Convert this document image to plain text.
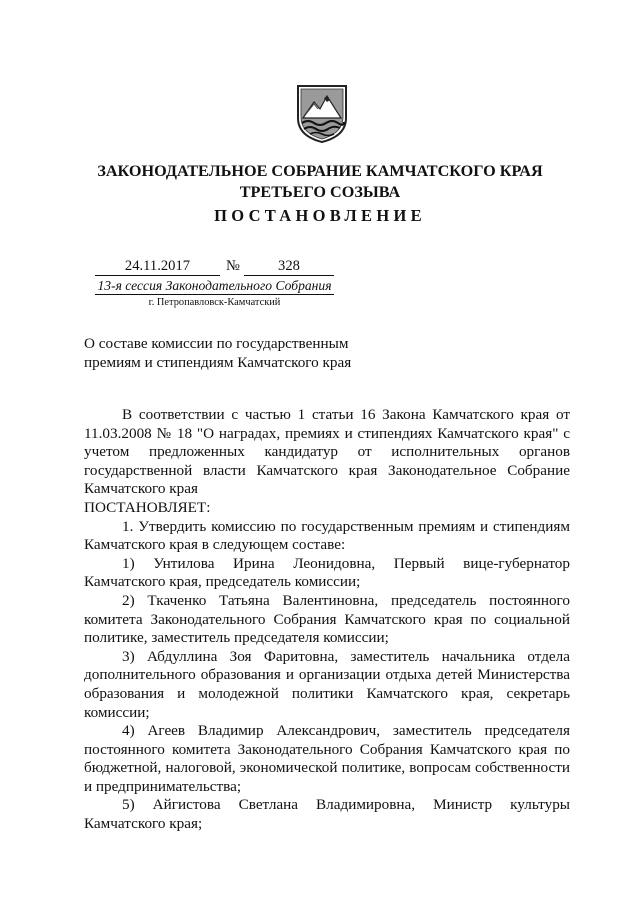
ЗАКОНОДАТЕЛЬНОЕ СОБРАНИЕ КАМЧАТСКОГО КРАЯ
ТРЕТЬЕГО СОЗЫВА
ПОСТАНОВЛЕНИЕ
24.11.2017	№	328
13-я сессия Законодательного Собрания
г. Петропавловск-Камчатский
О составе комиссии по государственным
премиям и стипендиям Камчатского края

В соответствии с частью 1 статьи 16 Закона Камчатского края от 11.03.2008 № 18 "О наградах, премиях и стипендиях Камчатского края" с учетом предложенных кандидатур от исполнительных органов государственной власти Камчатского края Законодательное Собрание Камчатского края

ПОСТАНОВЛЯЕТ:

1. Утвердить комиссию по государственным премиям и стипендиям Камчатского края в следующем составе:

1) Унтилова Ирина Леонидовна, Первый вице-губернатор Камчатского края, председатель комиссии;

2) Ткаченко Татьяна Валентиновна, председатель постоянного комитета Законодательного Собрания Камчатского края по социальной политике, заместитель председателя комиссии;

3) Абдуллина Зоя Фаритовна, заместитель начальника отдела дополнительного образования и организации отдыха детей Министерства образования и молодежной политики Камчатского края, секретарь комиссии;

4) Агеев Владимир Александрович, заместитель председателя постоянного комитета Законодательного Собрания Камчатского края по бюджетной, налоговой, экономической политике, вопросам собственности и предпринимательства;

5) Айгистова Светлана Владимировна, Министр культуры Камчатского края;
